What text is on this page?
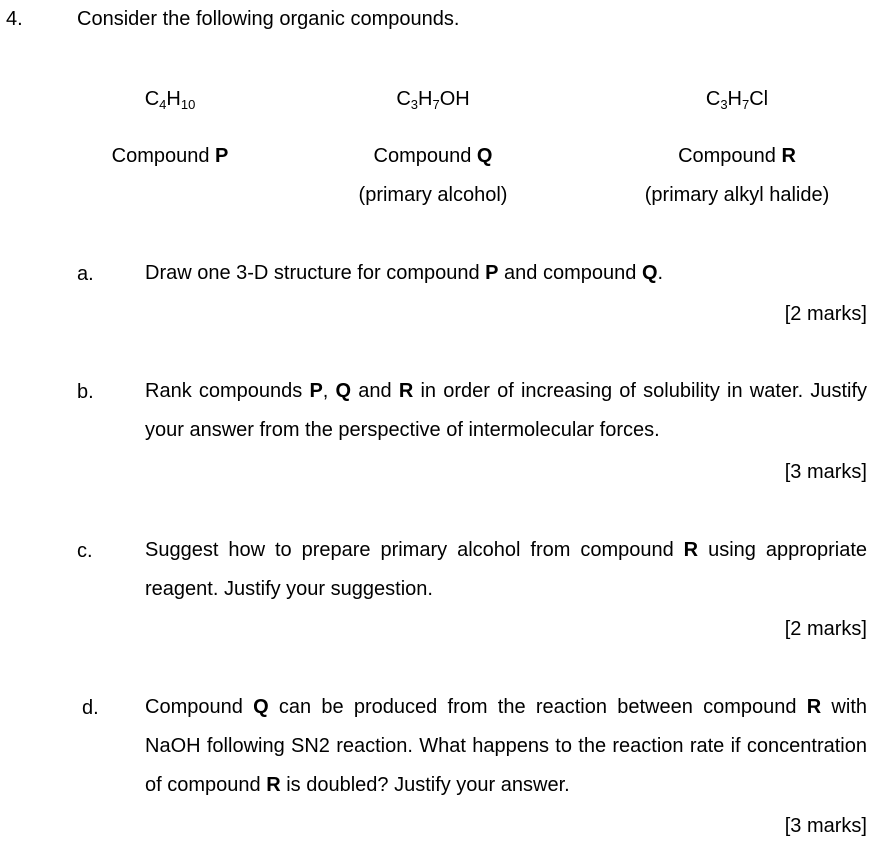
4.	Consider the following organic compounds.
$C_4H_{10}$
Compound P
$C_3H_7OH$
Compound Q
(primary alcohol)
$C_3H_7Cl$
Compound R
(primary alkyl halide)
a.	Draw one 3-D structure for compound P and compound Q.
[2 marks]
b.	Rank compounds P, Q and R in order of increasing of solubility in water. Justify your answer from the perspective of intermolecular forces.
[3 marks]
c.	Suggest how to prepare primary alcohol from compound R using appropriate reagent. Justify your suggestion.
[2 marks]
d. Compound Q can be produced from the reaction between compound R with NaOH following SN2 reaction. What happens to the reaction rate if concentration of compound R is doubled? Justify your answer.
[3 marks]
